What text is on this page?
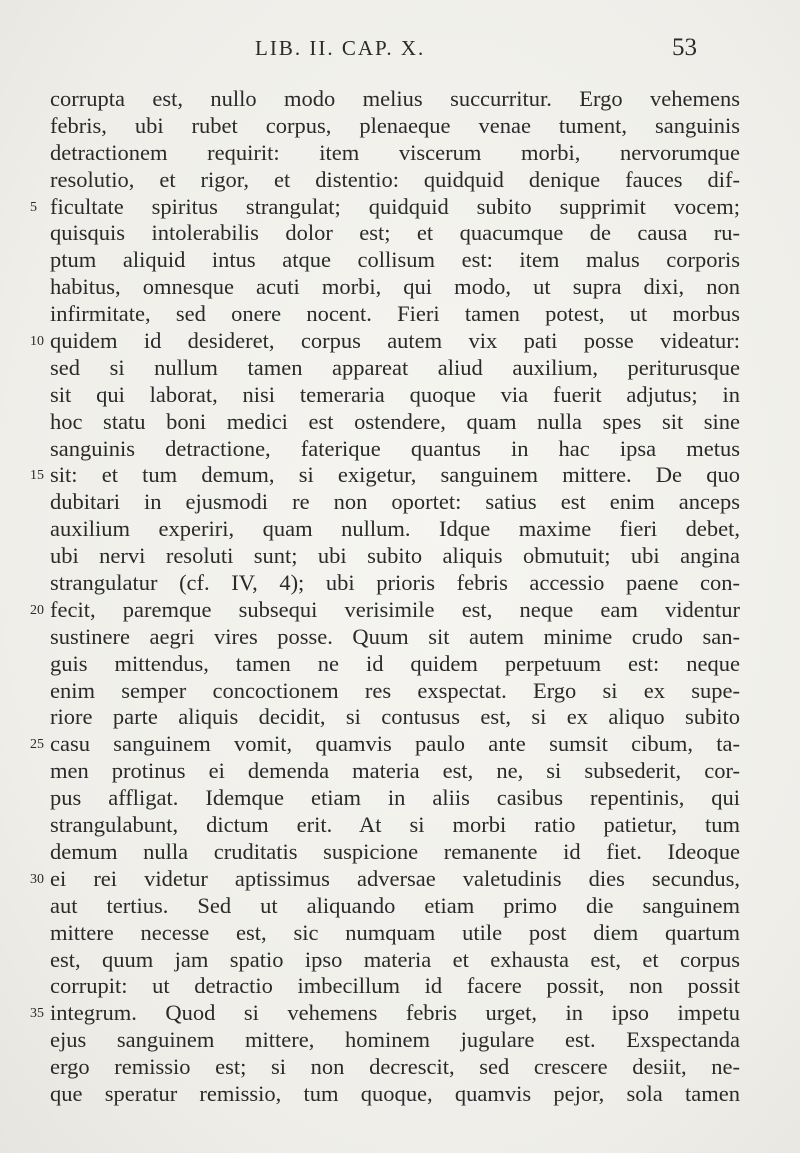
LIB. II. CAP. X.	53
corrupta est, nullo modo melius succurritur. Ergo vehemens
febris, ubi rubet corpus, plenaeque venae tument, sanguinis
detractionem requirit: item viscerum morbi, nervorumque
resolutio, et rigor, et distentio: quidquid denique fauces dif-
5 ficultate spiritus strangulat; quidquid subito supprimit vocem;
quisquis intolerabilis dolor est; et quacumque de causa ru-
ptum aliquid intus atque collisum est: item malus corporis
habitus, omnesque acuti morbi, qui modo, ut supra dixi, non
infirmitate, sed onere nocent. Fieri tamen potest, ut morbus
10 quidem id desideret, corpus autem vix pati posse videatur:
sed si nullum tamen appareat aliud auxilium, periturusque
sit qui laborat, nisi temeraria quoque via fuerit adjutus; in
hoc statu boni medici est ostendere, quam nulla spes sit sine
sanguinis detractione, faterique quantus in hac ipsa metus
15 sit: et tum demum, si exigetur, sanguinem mittere. De quo
dubitari in ejusmodi re non oportet: satius est enim anceps
auxilium experiri, quam nullum. Idque maxime fieri debet,
ubi nervi resoluti sunt; ubi subito aliquis obmutuit; ubi angina
strangulatur (cf. IV, 4); ubi prioris febris accessio paene con-
20 fecit, paremque subsequi verisimile est, neque eam videntur
sustinere aegri vires posse. Quum sit autem minime crudo san-
guis mittendus, tamen ne id quidem perpetuum est: neque
enim semper concoctionem res exspectat. Ergo si ex supe-
riore parte aliquis decidit, si contusus est, si ex aliquo subito
25 casu sanguinem vomit, quamvis paulo ante sumsit cibum, ta-
men protinus ei demenda materia est, ne, si subsederit, cor-
pus affligat. Idemque etiam in aliis casibus repentinis, qui
strangulabunt, dictum erit. At si morbi ratio patietur, tum
demum nulla cruditatis suspicione remanente id fiet. Ideoque
30 ei rei videtur aptissimus adversae valetudinis dies secundus,
aut tertius. Sed ut aliquando etiam primo die sanguinem
mittere necesse est, sic numquam utile post diem quartum
est, quum jam spatio ipso materia et exhausta est, et corpus
corrupit: ut detractio imbecillum id facere possit, non possit
35 integrum. Quod si vehemens febris urget, in ipso impetu
ejus sanguinem mittere, hominem jugulare est. Exspectanda
ergo remissio est; si non decrescit, sed crescere desiit, ne-
que speratur remissio, tum quoque, quamvis pejor, sola tamen
